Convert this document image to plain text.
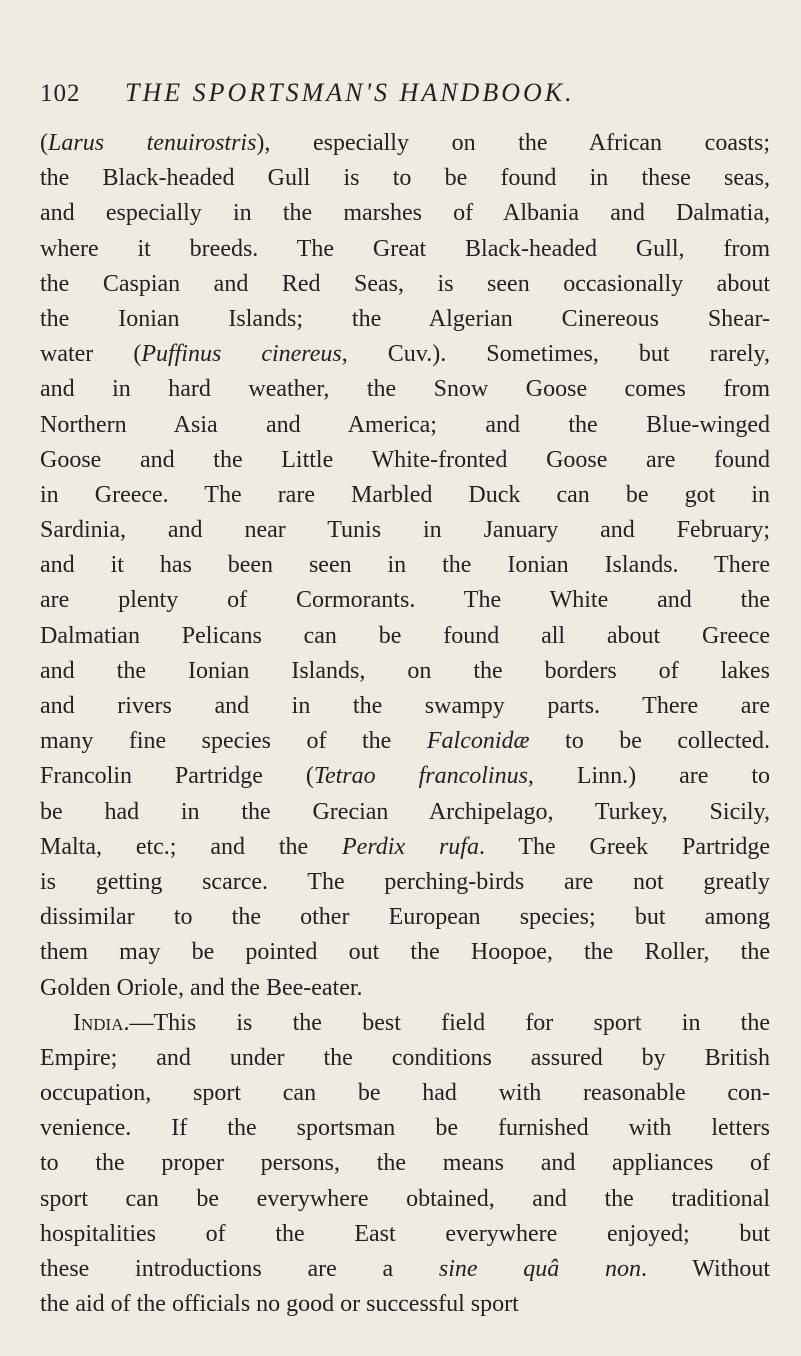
102 THE SPORTSMAN'S HANDBOOK.
(Larus tenuirostris), especially on the African coasts;
the Black-headed Gull is to be found in these seas,
and especially in the marshes of Albania and Dalmatia,
where it breeds. The Great Black-headed Gull, from
the Caspian and Red Seas, is seen occasionally about
the Ionian Islands; the Algerian Cinereous Shear-
water (Puffinus cinereus, Cuv.). Sometimes, but rarely,
and in hard weather, the Snow Goose comes from
Northern Asia and America; and the Blue-winged
Goose and the Little White-fronted Goose are found
in Greece. The rare Marbled Duck can be got in
Sardinia, and near Tunis in January and February;
and it has been seen in the Ionian Islands. There
are plenty of Cormorants. The White and the
Dalmatian Pelicans can be found all about Greece
and the Ionian Islands, on the borders of lakes
and rivers and in the swampy parts. There are
many fine species of the Falconidæ to be collected.
Francolin Partridge (Tetrao francolinus, Linn.) are to
be had in the Grecian Archipelago, Turkey, Sicily,
Malta, etc.; and the Perdix rufa. The Greek Partridge
is getting scarce. The perching-birds are not greatly
dissimilar to the other European species; but among
them may be pointed out the Hoopoe, the Roller, the
Golden Oriole, and the Bee-eater.
India.—This is the best field for sport in the
Empire; and under the conditions assured by British
occupation, sport can be had with reasonable con-
venience. If the sportsman be furnished with letters
to the proper persons, the means and appliances of
sport can be everywhere obtained, and the traditional
hospitalities of the East everywhere enjoyed; but
these introductions are a sine quâ non. Without
the aid of the officials no good or successful sport
